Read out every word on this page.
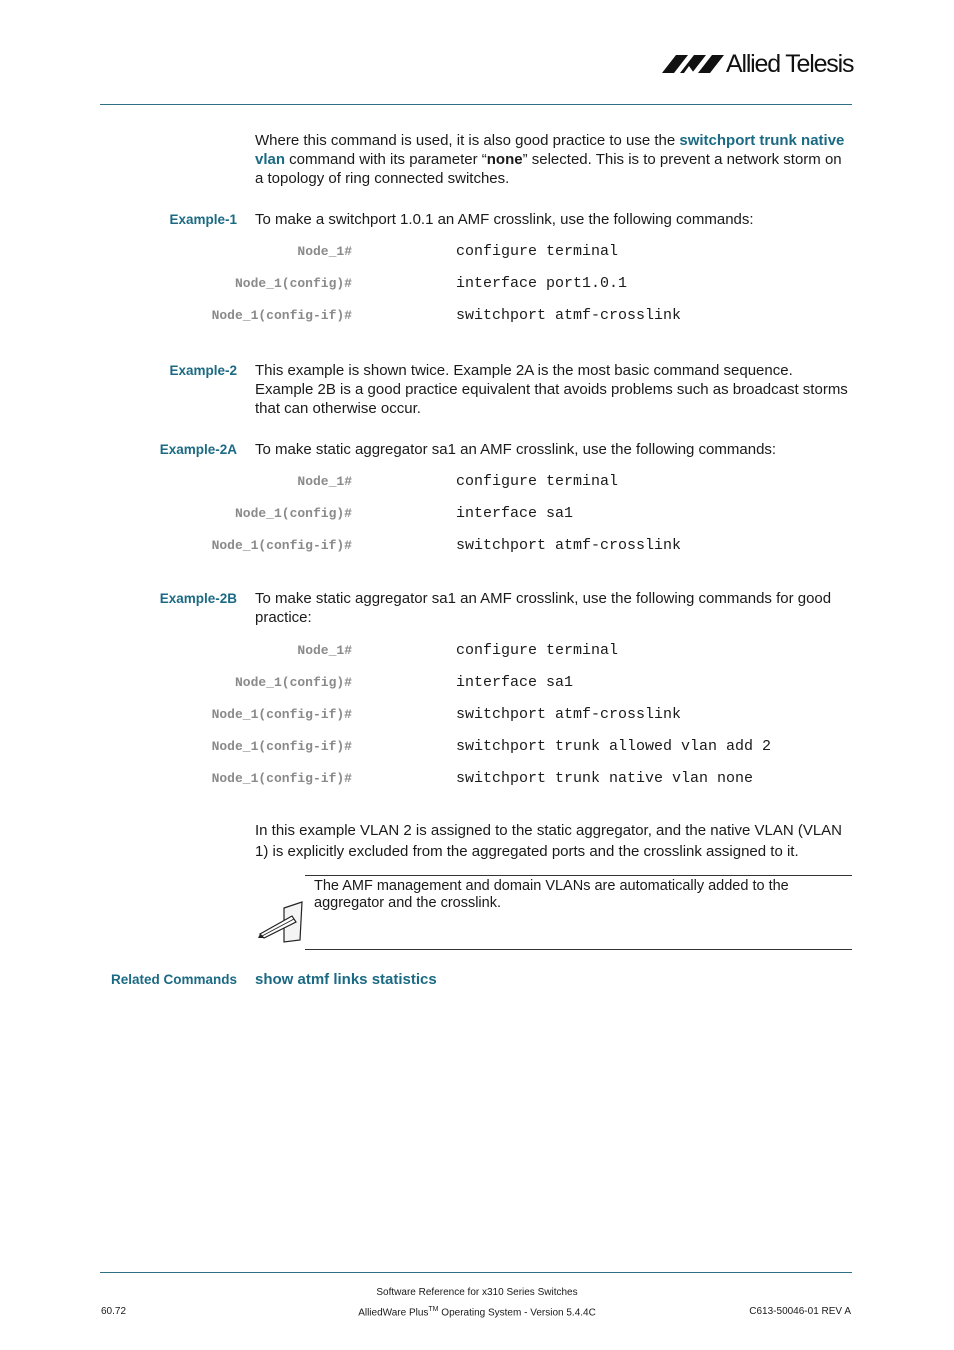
Allied Telesis
Where this command is used, it is also good practice to use the switchport trunk native vlan command with its parameter “none” selected. This is to prevent a network storm on a topology of ring connected switches.
Example-1 To make a switchport 1.0.1 an AMF crosslink, use the following commands:
Node_1#	configure terminal
Node_1(config)#	interface port1.0.1
Node_1(config-if)#	switchport atmf-crosslink
Example-2 This example is shown twice. Example 2A is the most basic command sequence. Example 2B is a good practice equivalent that avoids problems such as broadcast storms that can otherwise occur.
Example-2A To make static aggregator sa1 an AMF crosslink, use the following commands:
Node_1#	configure terminal
Node_1(config)#	interface sa1
Node_1(config-if)#	switchport atmf-crosslink
Example-2B To make static aggregator sa1 an AMF crosslink, use the following commands for good practice:
Node_1#	configure terminal
Node_1(config)#	interface sa1
Node_1(config-if)#	switchport atmf-crosslink
Node_1(config-if)#	switchport trunk allowed vlan add 2
Node_1(config-if)#	switchport trunk native vlan none
In this example VLAN 2 is assigned to the static aggregator, and the native VLAN (VLAN 1) is explicitly excluded from the aggregated ports and the crosslink assigned to it.
The AMF management and domain VLANs are automatically added to the aggregator and the crosslink.
Related Commands show atmf links statistics
Software Reference for x310 Series Switches
60.72	AlliedWare Plus™ Operating System - Version 5.4.4C	C613-50046-01 REV A
